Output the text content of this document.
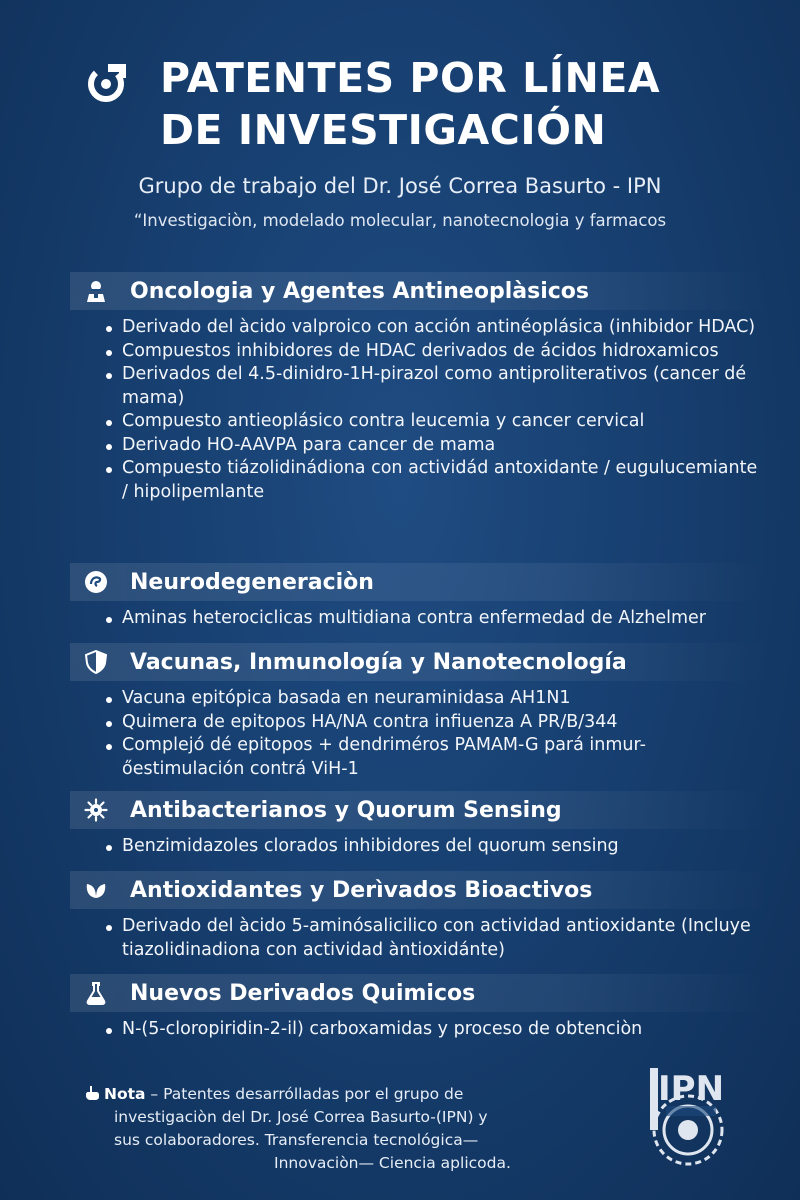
PATENTES POR LÍNEA
DE INVESTIGACIÓN
Grupo de trabajo del Dr. José Correa Basurto - IPN
“Investigaciòn, modelado molecular, nanotecnologia y farmacos
Oncologia y Agentes Antineoplàsicos
Derivado del àcido valproico con acción antinéoplásica (inhibidor HDAC)
Compuestos inhibidores de HDAC derivados de ácidos hidroxamicos
Derivados del 4.5-dinidro-1H-pirazol como antiproliterativos (cancer dé mama)
Compuesto antieoplásico contra leucemia y cancer cervical
Derivado HO-AAVPA para cancer de mama
Compuesto tiázolidinádiona con actividád antoxidante / eugulucemiante / hipolipemlante
Neurodegeneraciòn
Aminas heterociclicas multidiana contra enfermedad de Alzhelmer
Vacunas, Inmunología y Nanotecnología
Vacuna epitópica basada en neuraminidasa AH1N1
Quimera de epitopos HA/NA contra infiuenza A PR/B/344
Complejó dé epitopos + dendriméros PAMAM-G pará inmur-őestimulación contrá ViH-1
Antibacterianos y Quorum Sensing
Benzimidazoles clorados inhibidores del quorum sensing
Antioxidantes y Derìvados Bioactivos
Derivado del àcido 5-aminósalicilico con actividad antioxidante (Incluye tiazolidinadiona con actividad àntioxidánte)
Nuevos Derivados Quimicos
N-(5-cloropiridin-2-il) carboxamidas y proceso de obtenciòn
Nota – Patentes desarrólladas por el grupo de
investigaciòn del Dr. José Correa Basurto-(IPN) y
sus colaboradores. Transferencia tecnológica—
Innovaciòn— Ciencia aplicoda.
IPN
